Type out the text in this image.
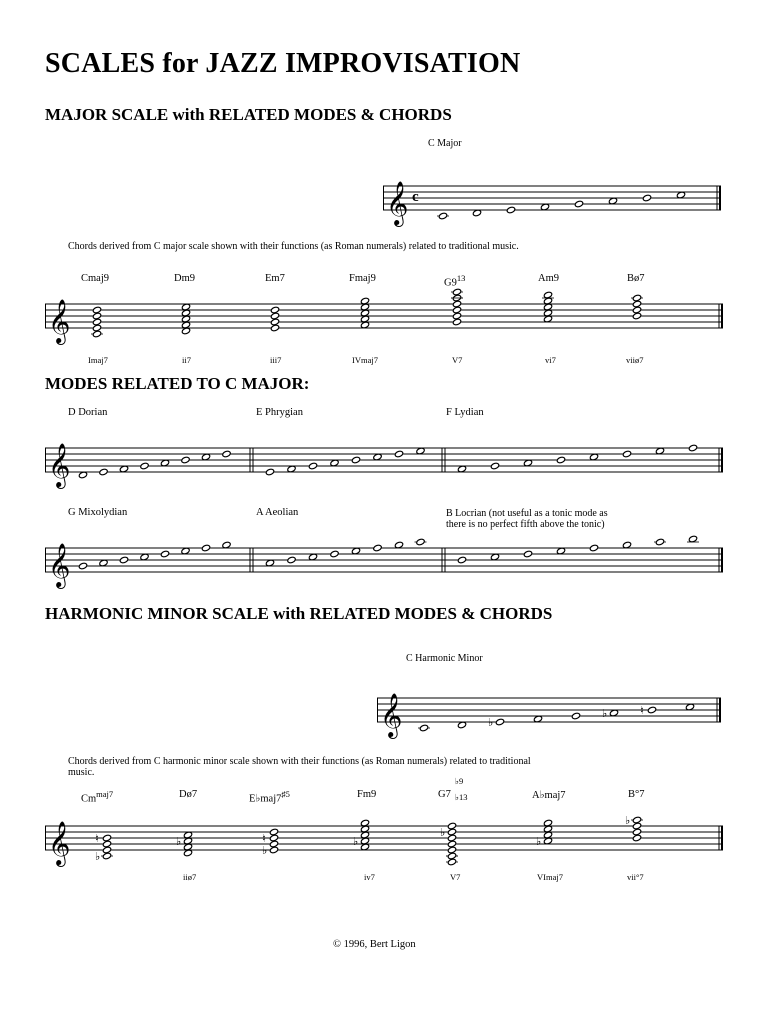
SCALES for JAZZ IMPROVISATION
MAJOR SCALE with RELATED MODES & CHORDS
C Major
𝄞 c
Chords derived from C major scale shown with their functions (as Roman numerals) related to traditional music.
Cmaj9	Dm9	Em7	Fmaj9	$G9^{13}$	Am9	Bø7
𝄞
Imaj7	ii7	iii7	IVmaj7	V7	vi7	viiø7
MODES RELATED TO C MAJOR:
D Dorian	E Phrygian	F Lydian
𝄞
G Mixolydian	A Aeolian	B Locrian (not useful as a tonic mode as there is no perfect fifth above the tonic)
𝄞
HARMONIC MINOR SCALE with RELATED MODES & CHORDS
C Harmonic Minor
𝄞	♭
♭	♮
Chords derived from C harmonic minor scale shown with their functions (as Roman numerals) related to traditional music.
$Cm^{maj7}$	Dø7	$E♭maj7^{♯5}$	Fm9	G7
♭9
♭13	A♭maj7	B°7
𝄞 ♭
♮	♭
♭
♮	♭
♭
♭
♭
iiø7	iv7	V7	VImaj7	vii°7
© 1996, Bert Ligon
